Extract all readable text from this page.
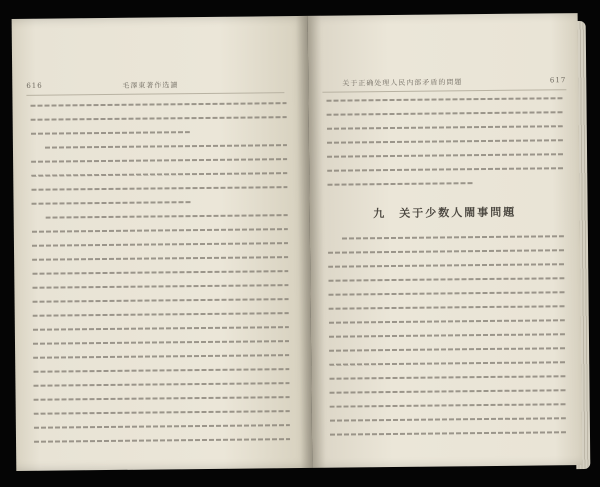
616	毛澤東著作选讀	关于正确处理人民内部矛盾的問題	617
九　关于少数人閙事問題
